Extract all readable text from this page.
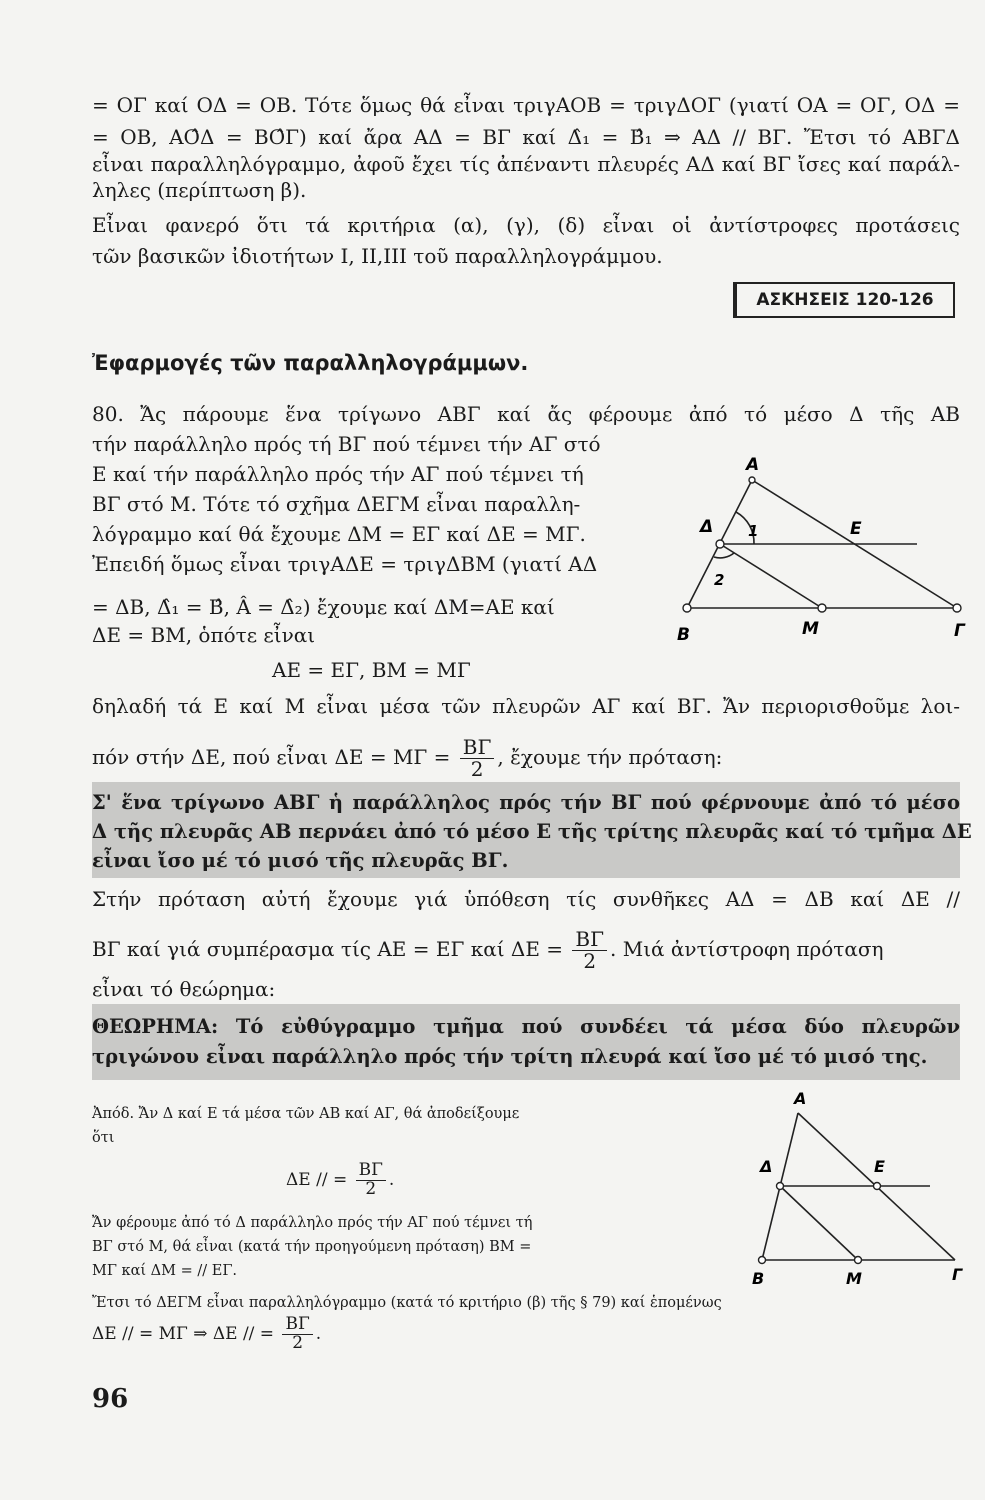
= ΟΓ καί ΟΔ = ΟΒ. Τότε ὅμως θά εἶναι τριγΑΟΒ = τριγΔΟΓ (γιατί ΟΑ = ΟΓ, ΟΔ =
= ΟΒ, ΑΟ̂Δ = ΒΟ̂Γ) καί ἄρα ΑΔ = ΒΓ καί Δ̂₁ = Β̂₁ ⇒ ΑΔ // ΒΓ. Ἔτσι τό ΑΒΓΔ
εἶναι παραλληλόγραμμο, ἀφοῦ ἔχει τίς ἀπέναντι πλευρές ΑΔ καί ΒΓ ἴσες καί παράλ-
ληλες (περίπτωση β).
Εἶναι φανερό ὅτι τά κριτήρια (α), (γ), (δ) εἶναι οἱ ἀντίστροφες προτάσεις
τῶν βασικῶν ἰδιοτήτων Ι, ΙΙ,ΙΙΙ τοῦ παραλληλογράμμου.
ΑΣΚΗΣΕΙΣ 120-126
Ἐφαρμογές τῶν παραλληλογράμμων.
80. Ἄς πάρουμε ἕνα τρίγωνο ΑΒΓ καί ἄς φέρουμε ἀπό τό μέσο Δ τῆς ΑΒ
τήν παράλληλο πρός τή ΒΓ πού τέμνει τήν ΑΓ στό
Ε καί τήν παράλληλο πρός τήν ΑΓ πού τέμνει τή
ΒΓ στό Μ. Τότε τό σχῆμα ΔΕΓΜ εἶναι παραλλη-
λόγραμμο καί θά ἔχουμε ΔΜ = ΕΓ καί ΔΕ = ΜΓ.
Ἐπειδή ὅμως εἶναι τριγΑΔΕ = τριγΔΒΜ (γιατί ΑΔ
= ΔΒ, Δ̂₁ = Β̂, Â = Δ̂₂) ἔχουμε καί ΔΜ=ΑΕ καί
ΔΕ = ΒΜ, ὁπότε εἶναι
ΑΕ = ΕΓ, ΒΜ = ΜΓ
Α
Δ	Ε
Β	Μ	Γ
1
2
δηλαδή τά Ε καί Μ εἶναι μέσα τῶν πλευρῶν ΑΓ καί ΒΓ. Ἄν περιορισθοῦμε λοι-
πόν στήν ΔΕ, πού εἶναι $\Delta E = M\Gamma = \frac{B\Gamma}{2}$ , ἔχουμε τήν πρόταση:
Σ' ἕνα τρίγωνο ΑΒΓ ἡ παράλληλος πρός τήν ΒΓ πού φέρνουμε ἀπό τό μέσο
Δ τῆς πλευρᾶς ΑΒ περνάει ἀπό τό μέσο Ε τῆς τρίτης πλευρᾶς καί τό τμῆμα ΔΕ
εἶναι ἴσο μέ τό μισό τῆς πλευρᾶς ΒΓ.
Στήν πρόταση αὐτή ἔχουμε γιά ὑπόθεση τίς συνθῆκες ΑΔ = ΔΒ καί ΔΕ //
ΒΓ καί γιά συμπέρασμα τίς ΑΕ = ΕΓ καί $\Delta E = \frac{B\Gamma}{2}$ . Μιά ἀντίστροφη πρόταση
εἶναι τό θεώρημα:
ΘΕΩΡΗΜΑ: Τό εὐθύγραμμο τμῆμα πού συνδέει τά μέσα δύο πλευρῶν
τριγώνου εἶναι παράλληλο πρός τήν τρίτη πλευρά καί ἴσο μέ τό μισό της.
Ἀπόδ. Ἄν Δ καί Ε τά μέσα τῶν ΑΒ καί ΑΓ, θά ἀποδείξουμε
ὅτι
ΔΕ // = $\frac{B\Gamma}{2}$ .
Ἄν φέρουμε ἀπό τό Δ παράλληλο πρός τήν ΑΓ πού τέμνει τή
ΒΓ στό Μ, θά εἶναι (κατά τήν προηγούμενη πρόταση) ΒΜ =
ΜΓ καί ΔΜ = // ΕΓ.
Ἔτσι τό ΔΕΓΜ εἶναι παραλληλόγραμμο (κατά τό κριτήριο (β) τῆς § 79) καί ἑπομένως
ΔΕ // = ΜΓ ⇒ ΔΕ // = $\frac{B\Gamma}{2}$ .
Α
Δ	Ε
Β	Μ	Γ
96
